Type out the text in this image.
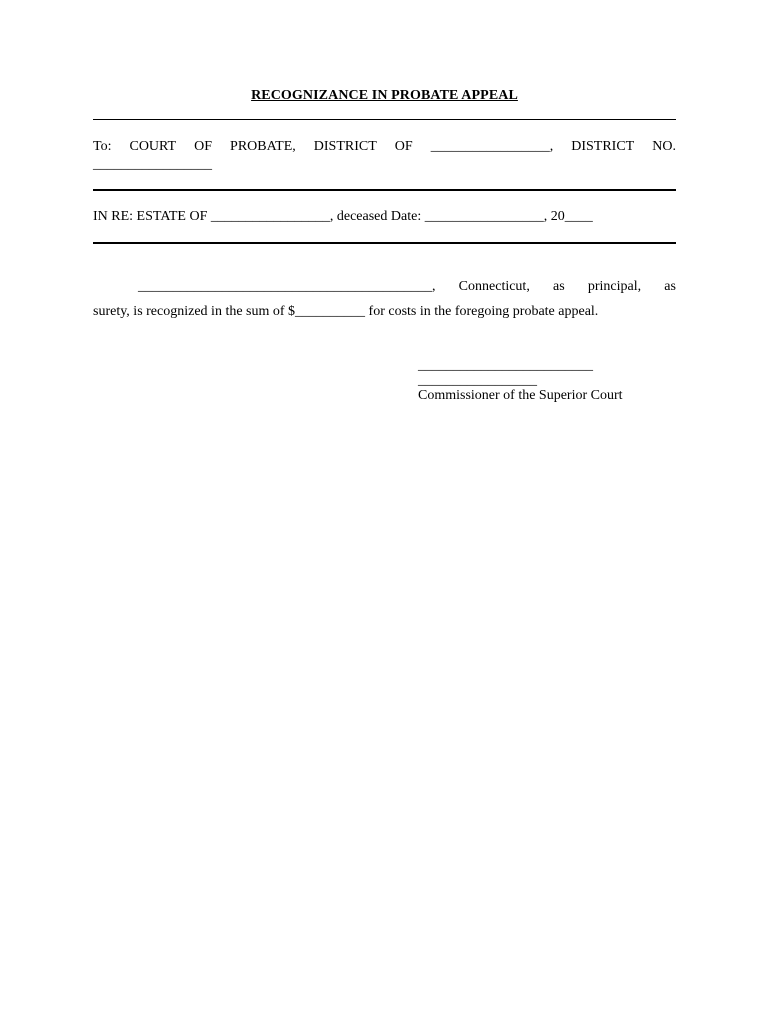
RECOGNIZANCE IN PROBATE APPEAL
To: COURT OF PROBATE, DISTRICT OF _________________, DISTRICT NO.
_________________
IN RE: ESTATE OF _________________, deceased Date: _________________, 20____
__________________________________________, Connecticut, as principal, as
surety, is recognized in the sum of $__________ for costs in the foregoing probate appeal.
_________________________
_________________
Commissioner of the Superior Court
